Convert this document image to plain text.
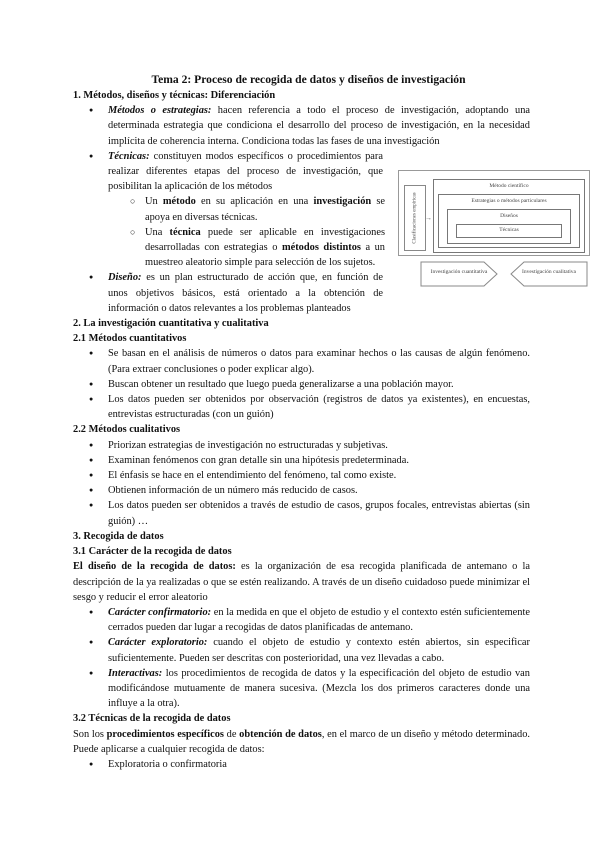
Tema 2: Proceso de recogida de datos y diseños de investigación
1. Métodos, diseños y técnicas: Diferenciación
● Métodos o estrategias: hacen referencia a todo el proceso de investigación, adoptando una determinada estrategia que condiciona el desarrollo del proceso de investigación, en la necesidad implícita de coherencia interna. Condiciona todas las fases de una investigación
● Técnicas: constituyen modos específicos o procedimientos para realizar diferentes etapas del proceso de investigación, que posibilitan la aplicación de los métodos
○ Un método en su aplicación en una investigación se apoya en diversas técnicas.
○ Una técnica puede ser aplicable en investigaciones desarrolladas con estrategias o métodos distintos a un muestreo aleatorio simple para selección de los sujetos.
● Diseño: es un plan estructurado de acción que, en función de unos objetivos básicos, está orientado a la obtención de información o datos relevantes a los problemas planteados
2. La investigación cuantitativa y cualitativa
2.1 Métodos cuantitativos
● Se basan en el análisis de números o datos para examinar hechos o las causas de algún fenómeno. (Para extraer conclusiones o poder explicar algo).
● Buscan obtener un resultado que luego pueda generalizarse a una población mayor.
● Los datos pueden ser obtenidos por observación (registros de datos ya existentes), en encuestas, entrevistas estructuradas (con un guión)
2.2 Métodos cualitativos
● Priorizan estrategias de investigación no estructuradas y subjetivas.
● Examinan fenómenos con gran detalle sin una hipótesis predeterminada.
● El énfasis se hace en el entendimiento del fenómeno, tal como existe.
● Obtienen información de un número más reducido de casos.
● Los datos pueden ser obtenidos a través de estudio de casos, grupos focales, entrevistas abiertas (sin guión) …
3. Recogida de datos
3.1 Carácter de la recogida de datos
El diseño de la recogida de datos: es la organización de esa recogida planificada de antemano o la descripción de la ya realizadas o que se estén realizando. A través de un diseño cuidadoso puede minimizar el sesgo y reducir el error aleatorio
● Carácter confirmatorio: en la medida en que el objeto de estudio y el contexto estén suficientemente cerrados pueden dar lugar a recogidas de datos planificadas de antemano.
● Carácter exploratorio: cuando el objeto de estudio y contexto estén abiertos, sin especificar suficientemente. Pueden ser descritas con posterioridad, una vez llevadas a cabo.
● Interactivas: los procedimientos de recogida de datos y la especificación del objeto de estudio van modificándose mutuamente de manera sucesiva. (Mezcla los dos primeros caracteres donde una influye a la otra).
3.2 Técnicas de la recogida de datos
Son los procedimientos específicos de obtención de datos, en el marco de un diseño y método determinado. Puede aplicarse a cualquier recogida de datos:
● Exploratoria o confirmatoria
Clasificaciones empíricas	→
Método científico
Estrategias o métodos particulares
Diseños
Técnicas
Investigación cuantitativa	Investigación cualitativa
